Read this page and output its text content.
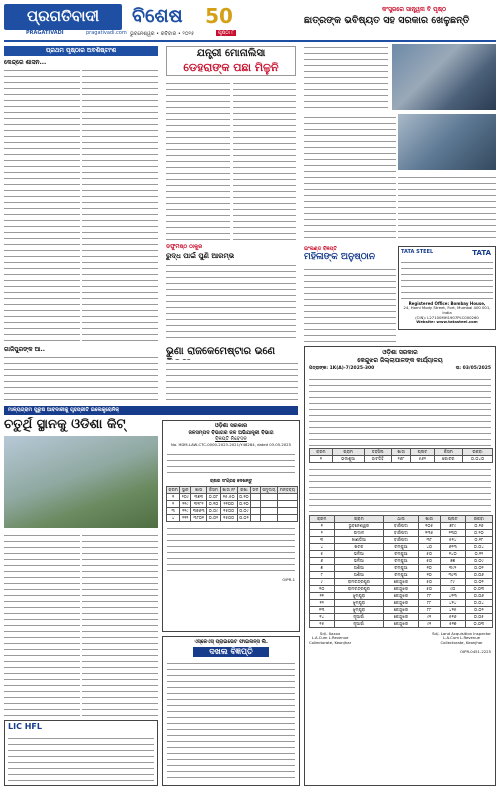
ପ୍ରଗତିବାଦୀ
PRAGATIVADI	pragativadi.com
ବିଶେଷ 50
ଭୁବନେଶ୍ୱର • ରବିବାର • ୨୦୨୫	ପୃଷ୍ଠା ୮
କଂସ୍ତ୍ରରେ ସାନ୍ତ୍ୱନା ବି ପୃଷ୍ଠ
ଛାତ୍ରଙ୍କ ଭବିଷ୍ୟତ ସହ ସରକାର ଖେଳୁଛନ୍ତି
ପ୍ରଥମ ପୃଷ୍ଠାର ଅବଶିଷ୍ଟାଂଶ
କେନ୍ଦ୍ରେ ଶାସନ...
ଗାଜିପୁରଙ୍କ ଆ..
ଯନ୍ତ୍ରୀ ମୋନାଲିସା
ଡେହରାଙ୍କ ପଛା ମିଳୁନି
ଡିଫୁମିଷ୍ଠ ଠାକୁର
ରୁଦ୍ଧ ପାଇଁ ପୁଣି ଆରମ୍ଭ	TATA STEEL	TATA
Registered Office: Bombay House,
24, Homi Mody Street, Fort, Mumbai 400 001, India
(CIN): L27100MH1907PLC000260
Website: www.tatasteel.com
ଇଂଲଣ୍ଡ ବିଜ୍ଞପ୍ତି
ମହିଳାଙ୍କ ଅନୁଷ୍ଠାନ
ଭୁଣା ରାଜକେମେଷ୍ଟାର ଭଣେ	ଓଡ଼ିଶା ସରକାର
କେନ୍ଦୁଝର ଜିଲ୍ଲାପାଳଙ୍କ କାର୍ଯ୍ୟାଳୟ
ପତ୍ରାଙ୍କ: 1K(A)-7/2025-300	ତା: 03/05/2025
କ୍ରମ	ଗ୍ରାମ	ତହସିଲ	ଖାତା	ପ୍ଲଟ	କିସମ	ରକବା
୧	ଭଲଶୁଆ	ହାଟଡିହି	୨୬୮	୫୬୨	ଗୋଚର	୦.୦୪୦
କ୍ରମ	ଗ୍ରାମ	ଥାନା	ଖାତା	ପ୍ଲଟ	ରକବା
୧	ଭୁବନେଶ୍ୱର	ବାରିପଦା	୧୦୫	୭୮୯	୦.୧୬
୨	ଉଦାଳ	ବାରିପଦା	୧୩୫	୨୩୦	୦.୨୦
୩	ଖାଣ୍ଡିଆ	ବାରିପଦା	୩୮	୫୧୪	୦.୧୮
୪	ଖଟକ	ଚମ୍ପୁଆ	୪୦	୬୨୩	୦.୦୪
୫	ଭଳିଆ	ଚମ୍ପୁଆ	୫୦	୧୪୦	୦.୧୨
୬	ଭଳିଆ	ଚମ୍ପୁଆ	୫୦	୭୭	୦.୦୯
୭	ଅଶିଆ	ଚମ୍ପୁଆ	୧୦	୩୯୨	୦.୦୧
୮	ଅଶିଆ	ଚମ୍ପୁଆ	୧୦	୩୯୩	୦.୦୬
୯	ରାମଚନ୍ଦ୍ରପୁର	କେନ୍ଦୁଝର	୫୦	୮୯	୦.୦୧
୧୦	ରାମଚନ୍ଦ୍ରପୁର	କେନ୍ଦୁଝର	୫୦	୯୦	୦.୦୩
୧୧	ଝୁମ୍ପୁରା	କେନ୍ଦୁଝର	୮୮	୪୧୩	୦.୦୬
୧୨	ଝୁମ୍ପୁରା	କେନ୍ଦୁଝର	୮୮	୪୧୪	୦.୦୪
୧୩	ଝୁମ୍ପୁରା	କେନ୍ଦୁଝର	୮୮	୪୧୫	୦.୦୨
୧୪	ନୂଆଗାଁ	କେନ୍ଦୁଝର	୯୧	୫୧୬	୦.୦୫
୧୫	ନୂଆଗାଁ	କେନ୍ଦୁଝର	୯୧	୫୧୭	୦.୦୩
Sd/- Xaxxx
L.A.Cum L.Revenue
Collectorate, Keonjhar
Sd/- Land Acquisition Inspector
L.A.Cum L.Revenue
Collectorate, Keonjhar
OIPR-0451-2225
ମାଳ୍ୟଗ୍ରାମ ପୁରୁଷ ଆବଦାରୀକୁ ଗୃହପ୍ରୀତି ଇଲେକ୍ଟ୍ରୋନିକ୍
ଚତୁର୍ଥି ସ୍ଥାନକୁ ଓଡିଶା କିଟ୍	ଓଡ଼ିଶା ସରକାର
ଜଳସମ୍ପଦ ବିଭାଗର ଜଳ ଅଭିଯାନ୍ତ୍ରୀ ବିଭାଗ
ବିଜ୍ଞପ୍ତି ନିବେଦନ
No. HDM-LAW-CTC-0000-2023-2021/Y48284, dated 03.05.2025
ଚାଷର ସଂଗ୍ରହ ଦେଖନ୍ତୁ
କ୍ରମ	ସ୍ଥାନ	ଖାତା	କିସମ	ଖାତା ନଂ	ରଖା	ଜଳ	ସମୁଦାୟ	ମନ୍ତବ୍ୟ
୧	୨୦୯	୩୭୩	୦.୦୮	୧୫.୫୦	୦.୧୦			
୨	୨୨୯	୩୨୮୨	୦.୧୦	୨୧୦୦	୦.୧୦			
୩	୨୨୯	୩୭୬୩	୦.୦୯	୧୫୦୦	୦.୦୯			
୪	୨୧୨	୩୮୦୧	୦.୦୨	୧୫୦୦	୦.୦୨			
OIPR-1
LIC HFL
ଏସ୍‌କେଏସ୍‌ ପ୍ରାଇଭେଟ ଫାଇନାନ୍ସ ଲି.
ଦଖଲ ବିଜ୍ଞପ୍ତି
